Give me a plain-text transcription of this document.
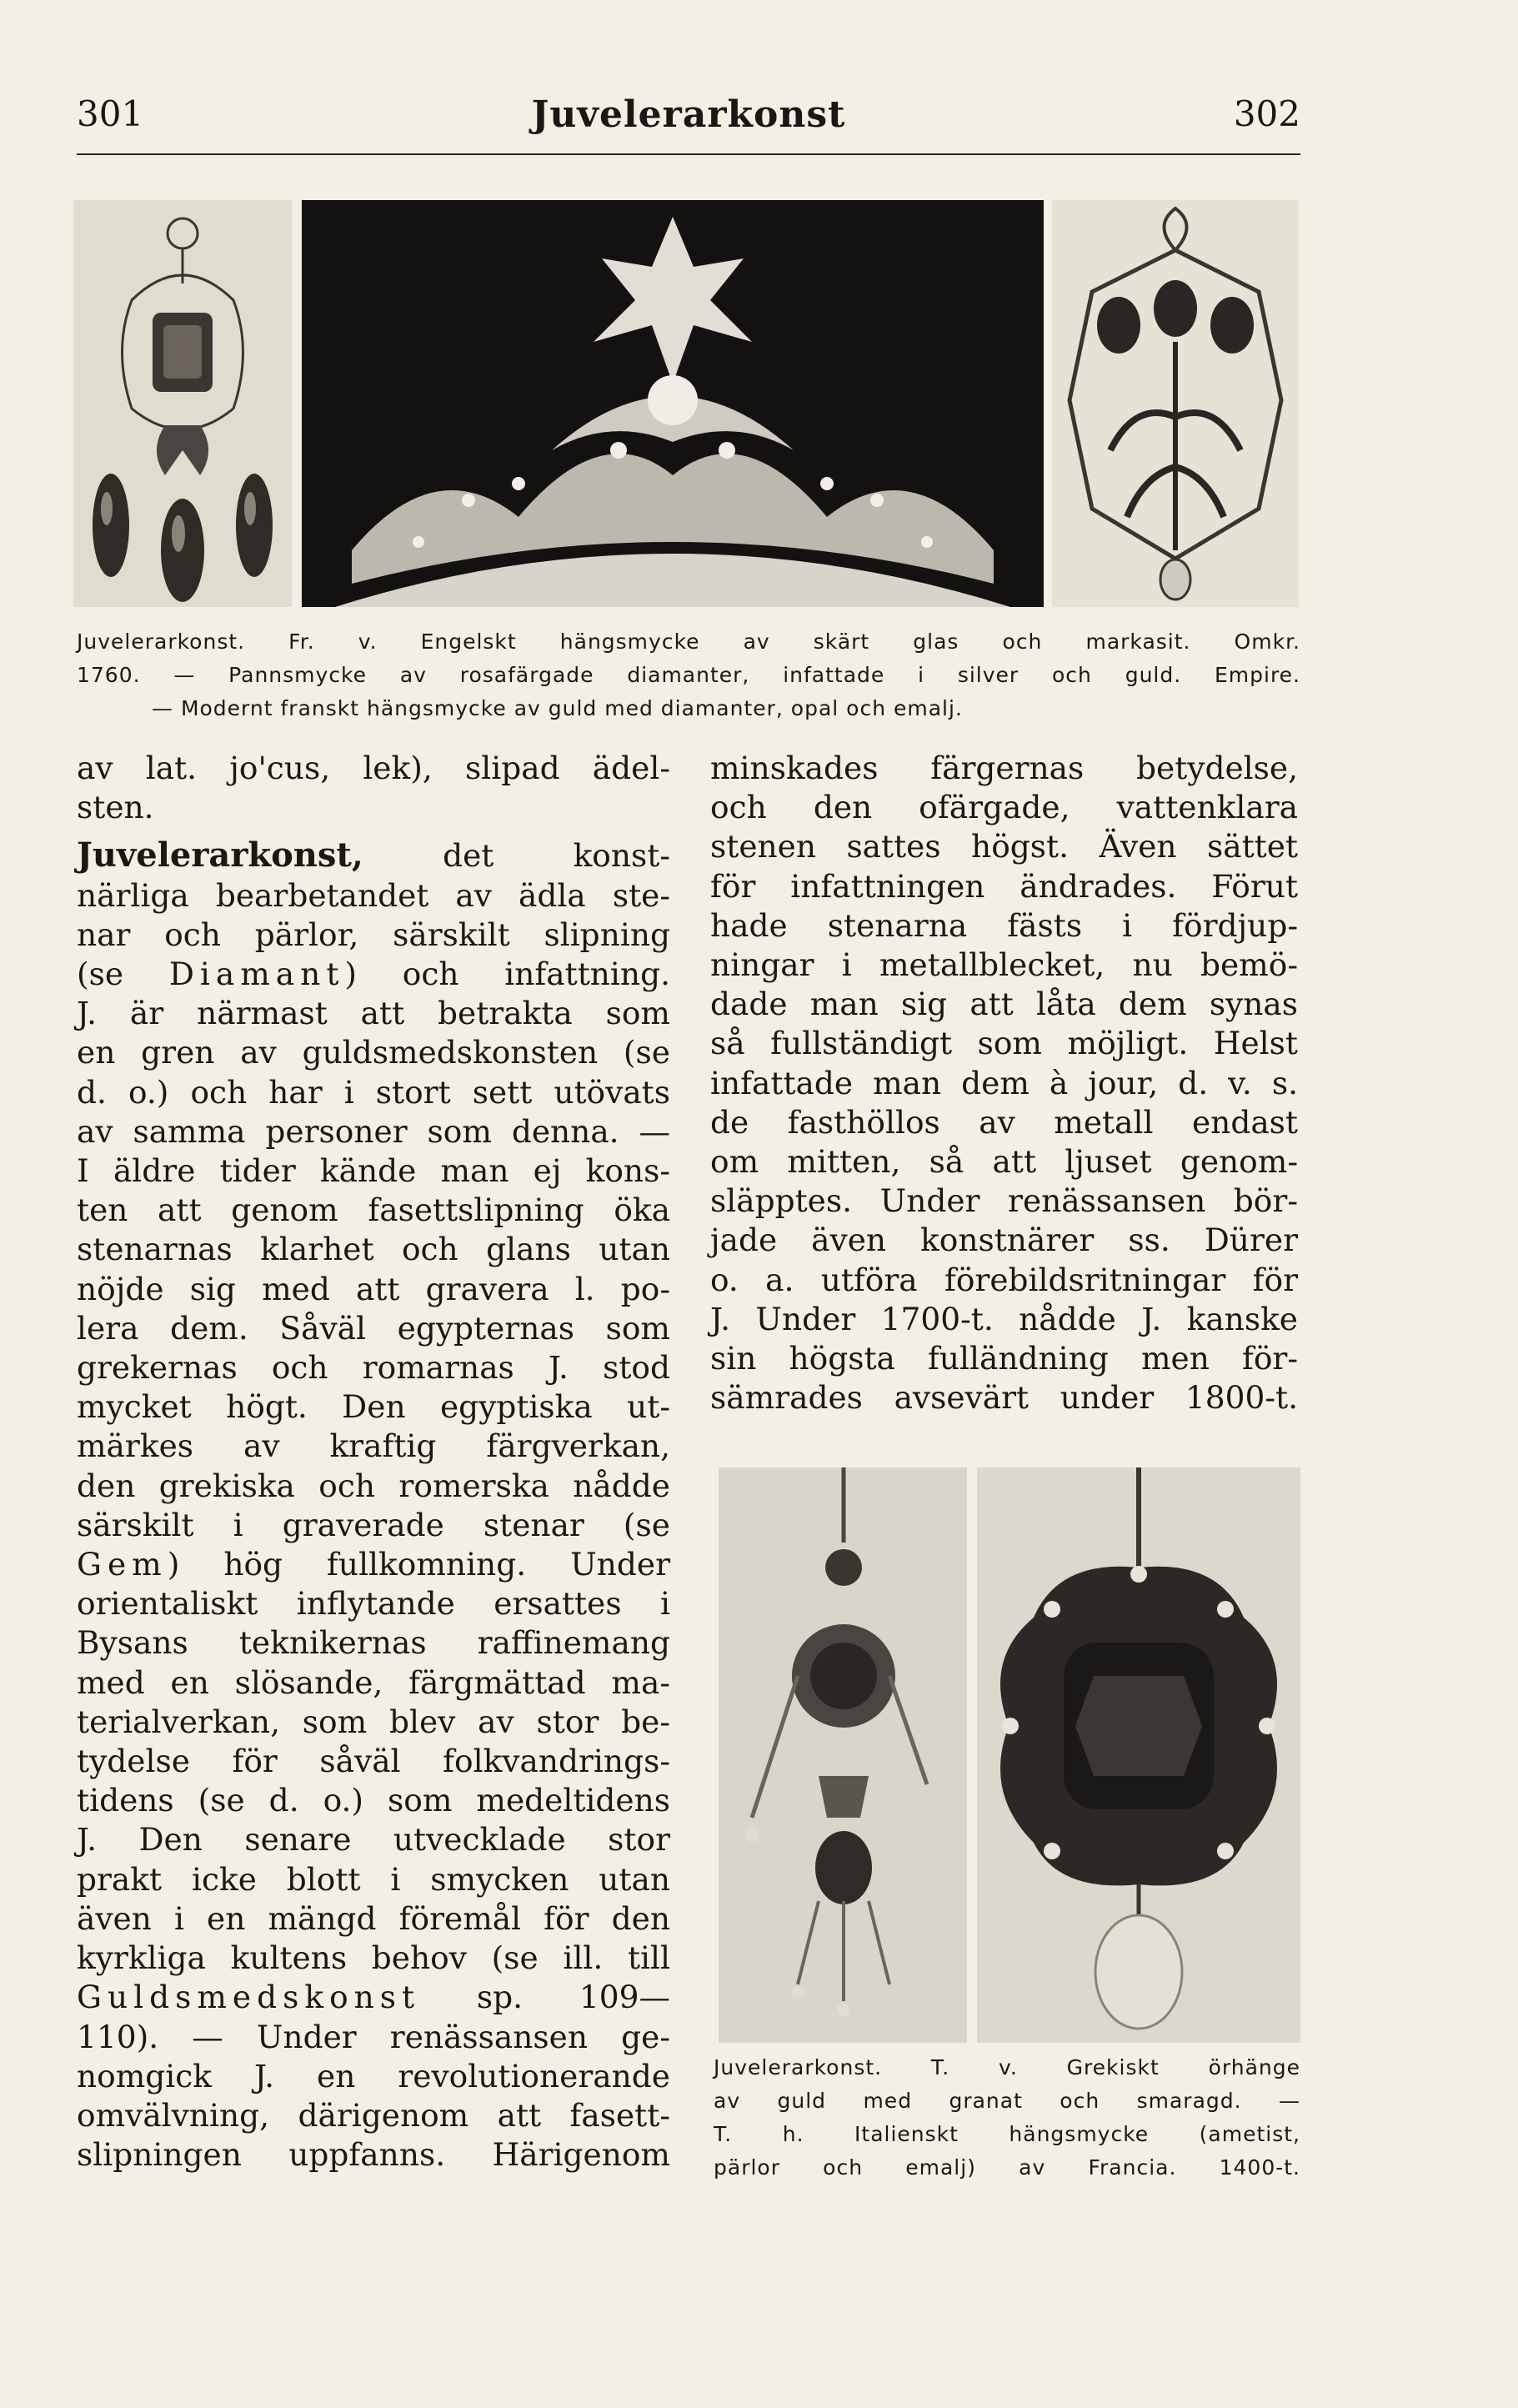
301	Juvelerarkonst	302
Juvelerarkonst. Fr. v. Engelskt hängsmycke av skärt glas och markasit. Omkr.
1760. — Pannsmycke av rosafärgade diamanter, infattade i silver och guld. Empire.
— Modernt franskt hängsmycke av guld med diamanter, opal och emalj.
av lat. jo'cus, lek), slipad ädel-
sten.
Juvelerarkonst,	det konst-
närliga bearbetandet av ädla ste-
nar och pärlor, särskilt slipning
(se Diamant) och infattning.
J. är närmast att betrakta som
en gren av guldsmedskonsten (se
d. o.) och har i stort sett utövats
av samma personer som denna. —
I äldre tider kände man ej kons-
ten att genom fasettslipning öka
stenarnas klarhet och glans utan
nöjde sig med att gravera l. po-
lera dem. Såväl egypternas som
grekernas och romarnas J. stod
mycket högt. Den egyptiska ut-
märkes av kraftig färgverkan,
den grekiska och romerska nådde
särskilt i graverade stenar (se
Gem) hög fullkomning. Under
orientaliskt inflytande ersattes i
Bysans teknikernas raffinemang
med en slösande, färgmättad ma-
terialverkan, som blev av stor be-
tydelse för såväl folkvandrings-
tidens (se d. o.) som medeltidens
J. Den senare utvecklade stor
prakt icke blott i smycken utan
även i en mängd föremål för den
kyrkliga kultens behov (se ill. till
Guldsmedskonst sp. 109—
110). — Under renässansen ge-
nomgick J. en revolutionerande
omvälvning, därigenom att fasett-
slipningen uppfanns. Härigenom
minskades färgernas betydelse,
och den ofärgade, vattenklara
stenen sattes högst. Även sättet
för infattningen ändrades. Förut
hade stenarna fästs i fördjup-
ningar i metallblecket, nu bemö-
dade man sig att låta dem synas
så fullständigt som möjligt. Helst
infattade man dem à jour, d. v. s.
de fasthöllos av metall endast
om mitten, så att ljuset genom-
släpptes. Under renässansen bör-
jade även konstnärer ss. Dürer
o. a. utföra förebildsritningar för
J. Under 1700-t. nådde J. kanske
sin högsta fulländning men för-
sämrades avsevärt under 1800-t.
Juvelerarkonst. T. v. Grekiskt örhänge
av guld med granat och smaragd. —
T. h. Italienskt hängsmycke (ametist,
pärlor och emalj) av Francia. 1400-t.
